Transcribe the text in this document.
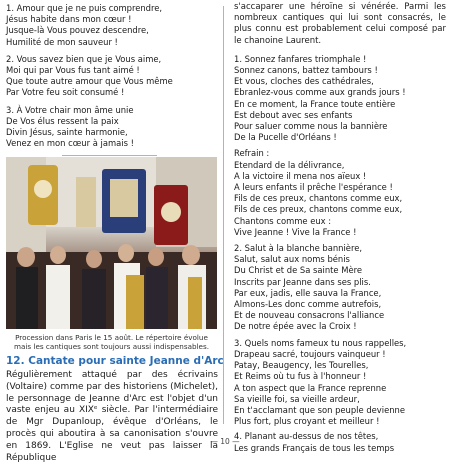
1. Amour que je ne puis comprendre,

Jésus habite dans mon cœur !

Jusque-là Vous pouvez descendre,

Humilité de mon sauveur !

2. Vous savez bien que je Vous aime,

Moi qui par Vous fus tant aimé !

Que toute autre amour que Vous même

Par Votre feu soit consumé !

3. À Votre chair mon âme unie

De Vos élus ressent la paix

Divin Jésus, sainte harmonie,

Venez en mon cœur à jamais !

Procession dans Paris le 15 août. Le répertoire évolue mais les cantiques sont toujours aussi indispensables.
12. Cantate pour sainte Jeanne d'Arc

Régulièrement attaqué par des écrivains (Voltaire) comme par des historiens (Michelet), le personnage de Jeanne d'Arc est l'objet d'un vaste enjeu au XIXᵉ siècle. Par l'intermédiaire de Mgr Dupanloup, évêque d'Orléans, le procès qui aboutira à sa canonisation s'ouvre en 1869. L'Eglise ne veut pas laisser la République

s'accaparer une héroïne si vénérée. Parmi les nombreux cantiques qui lui sont consacrés, le plus connu est probablement celui composé par le chanoine Laurent.

1. Sonnez fanfares triomphale !

Sonnez canons, battez tambours !

Et vous, cloches des cathédrales,

Ebranlez-vous comme aux grands jours !

En ce moment, la France toute entière

Est debout avec ses enfants

Pour saluer comme nous la bannière

De la Pucelle d'Orléans !

Refrain :

Etendard de la délivrance,

A la victoire il mena nos aïeux !

A leurs enfants il prêche l'espérance !

Fils de ces preux, chantons comme eux,

Fils de ces preux, chantons comme eux,

Chantons comme eux :

Vive Jeanne ! Vive la France !

2. Salut à la blanche bannière,

Salut, salut aux noms bénis

Du Christ et de Sa sainte Mère

Inscrits par Jeanne dans ses plis.

Par eux, jadis, elle sauva la France,

Almons-Les donc comme autrefois,

Et de nouveau consacrons l'alliance

De notre épée avec la Croix !

3. Quels noms fameux tu nous rappelles,

Drapeau sacré, toujours vainqueur !

Patay, Beaugency, les Tourelles,

Et Reims où tu fus à l'honneur !

A ton aspect que la France reprenne

Sa vieille foi, sa vieille ardeur,

En t'acclamant que son peuple devienne

Plus fort, plus croyant et meilleur !

4. Planant au-dessus de nos têtes,

Les grands Français de tous les temps

— 10 —
